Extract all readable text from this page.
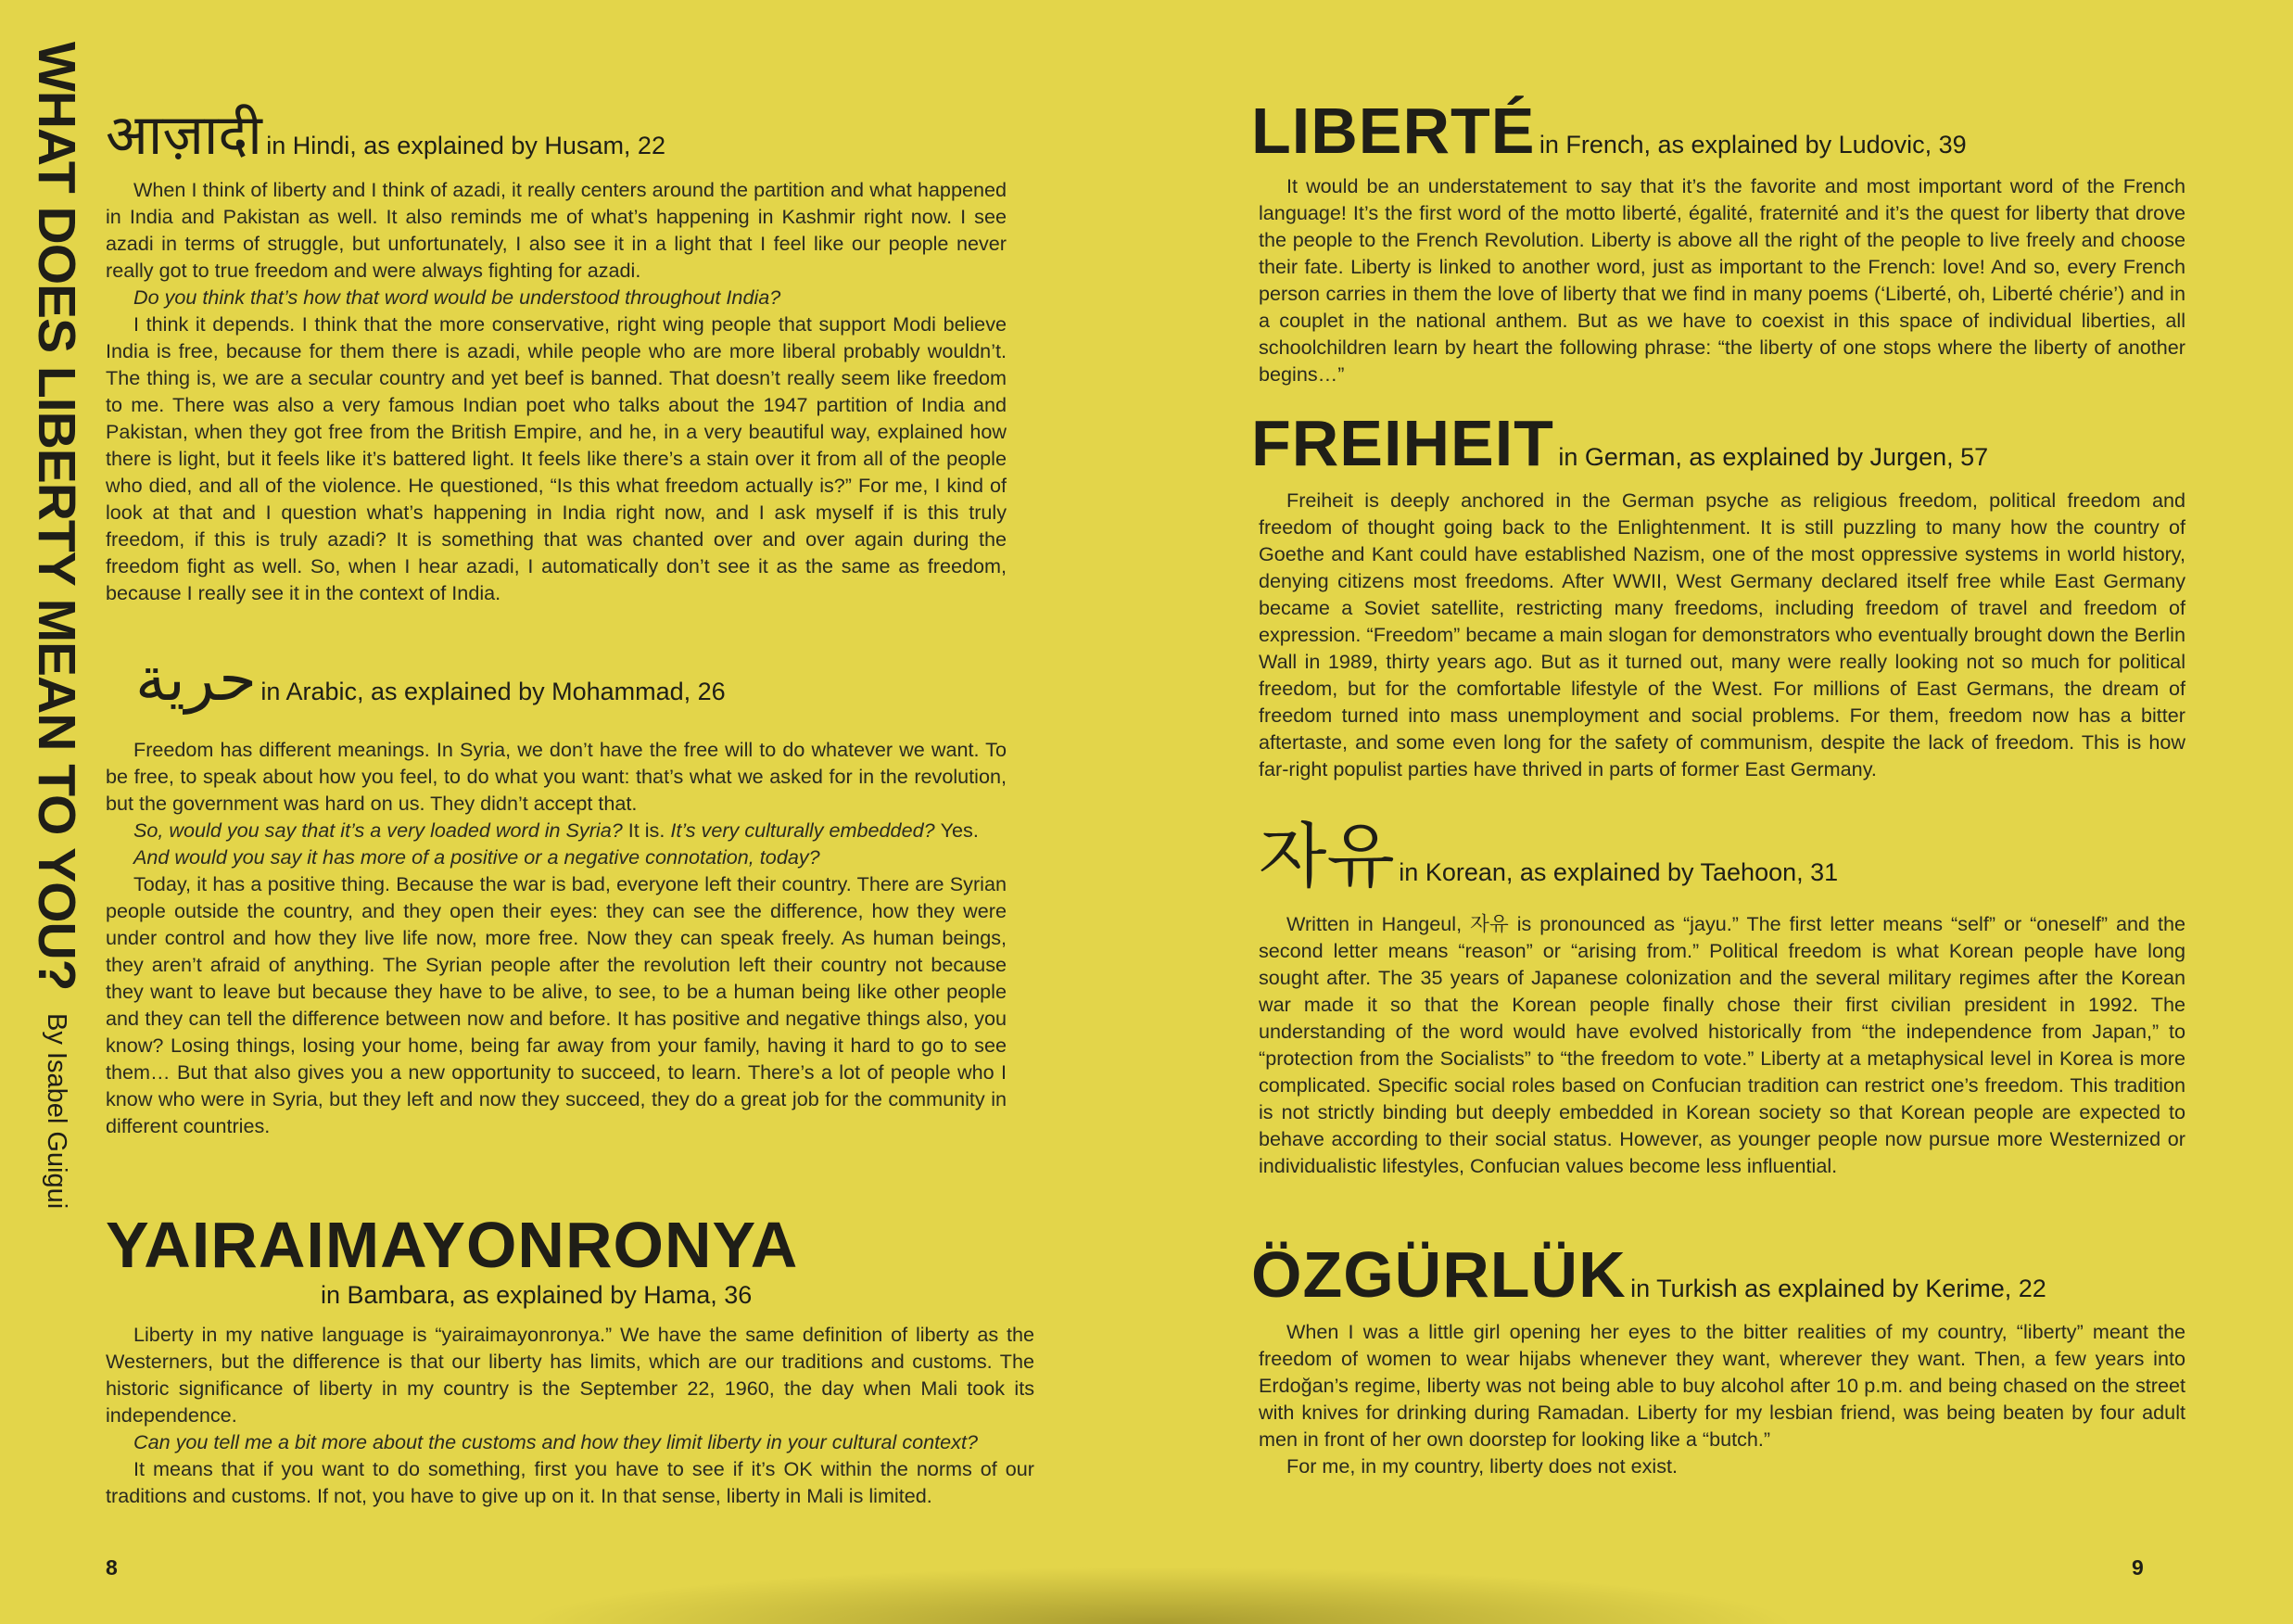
WHAT DOES LIBERTY MEAN TO YOU? By Isabel Guigui
आज़ादी in Hindi, as explained by Husam, 22

When I think of liberty and I think of azadi, it really centers around the partition and what happened in India and Pakistan as well. It also reminds me of what’s happening in Kashmir right now. I see azadi in terms of struggle, but unfortunately, I also see it in a light that I feel like our people never really got to true freedom and were always fighting for azadi.

Do you think that’s how that word would be understood throughout India?

I think it depends. I think that the more conservative, right wing people that support Modi believe India is free, because for them there is azadi, while people who are more liberal probably wouldn’t. The thing is, we are a secular country and yet beef is banned. That doesn’t really seem like freedom to me. There was also a very famous Indian poet who talks about the 1947 partition of India and Pakistan, when they got free from the British Empire, and he, in a very beautiful way, explained how there is light, but it feels like it’s battered light. It feels like there’s a stain over it from all of the people who died, and all of the violence. He questioned, “Is this what freedom actually is?” For me, I kind of look at that and I question what’s happening in India right now, and I ask myself if is this truly freedom, if this is truly azadi? It is something that was chanted over and over again during the freedom fight as well. So, when I hear azadi, I automatically don’t see it as the same as freedom, because I really see it in the context of India.

حرية in Arabic, as explained by Mohammad, 26

Freedom has different meanings. In Syria, we don’t have the free will to do whatever we want. To be free, to speak about how you feel, to do what you want: that’s what we asked for in the revolution, but the government was hard on us. They didn’t accept that.

So, would you say that it’s a very loaded word in Syria? It is. It’s very culturally embedded? Yes.

And would you say it has more of a positive or a negative connotation, today?

Today, it has a positive thing. Because the war is bad, everyone left their country. There are Syrian people outside the country, and they open their eyes: they can see the difference, how they were under control and how they live life now, more free. Now they can speak freely. As human beings, they aren’t afraid of anything. The Syrian people after the revolution left their country not because they want to leave but because they have to be alive, to see, to be a human being like other people and they can tell the difference between now and before. It has positive and negative things also, you know? Losing things, losing your home, being far away from your family, having it hard to go to see them… But that also gives you a new opportunity to succeed, to learn. There’s a lot of people who I know who were in Syria, but they left and now they succeed, they do a great job for the community in different countries.

YAIRAIMAYONRONYA
in Bambara, as explained by Hama, 36

Liberty in my native language is “yairaimayonronya.” We have the same definition of liberty as the Westerners, but the difference is that our liberty has limits, which are our traditions and customs. The historic significance of liberty in my country is the September 22, 1960, the day when Mali took its independence.

Can you tell me a bit more about the customs and how they limit liberty in your cultural context?

It means that if you want to do something, first you have to see if it’s OK within the norms of our traditions and customs. If not, you have to give up on it. In that sense, liberty in Mali is limited.

8
LIBERTÉ in French, as explained by Ludovic, 39

It would be an understatement to say that it’s the favorite and most important word of the French language! It’s the first word of the motto liberté, égalité, fraternité and it’s the quest for liberty that drove the people to the French Revolution. Liberty is above all the right of the people to live freely and choose their fate. Liberty is linked to another word, just as important to the French: love! And so, every French person carries in them the love of liberty that we find in many poems (‘Liberté, oh, Liberté chérie’) and in a couplet in the national anthem. But as we have to coexist in this space of individual liberties, all schoolchildren learn by heart the following phrase: “the liberty of one stops where the liberty of another begins…”

FREIHEIT in German, as explained by Jurgen, 57

Freiheit is deeply anchored in the German psyche as religious freedom, political freedom and freedom of thought going back to the Enlightenment. It is still puzzling to many how the country of Goethe and Kant could have established Nazism, one of the most oppressive systems in world history, denying citizens most freedoms. After WWII, West Germany declared itself free while East Germany became a Soviet satellite, restricting many freedoms, including freedom of travel and freedom of expression. “Freedom” became a main slogan for demonstrators who eventually brought down the Berlin Wall in 1989, thirty years ago. But as it turned out, many were really looking not so much for political freedom, but for the comfortable lifestyle of the West. For millions of East Germans, the dream of freedom turned into mass unemployment and social problems. For them, freedom now has a bitter aftertaste, and some even long for the safety of communism, despite the lack of freedom. This is how far-right populist parties have thrived in parts of former East Germany.

자유 in Korean, as explained by Taehoon, 31

Written in Hangeul, 자유 is pronounced as “jayu.” The first letter means “self” or “oneself” and the second letter means “reason” or “arising from.” Political freedom is what Korean people have long sought after. The 35 years of Japanese colonization and the several military regimes after the Korean war made it so that the Korean people finally chose their first civilian president in 1992. The understanding of the word would have evolved historically from “the independence from Japan,” to “protection from the Socialists” to “the freedom to vote.” Liberty at a metaphysical level in Korea is more complicated. Specific social roles based on Confucian tradition can restrict one’s freedom. This tradition is not strictly binding but deeply embedded in Korean society so that Korean people are expected to behave according to their social status. However, as younger people now pursue more Westernized or individualistic lifestyles, Confucian values become less influential.

ÖZGÜRLÜK in Turkish as explained by Kerime, 22

When I was a little girl opening her eyes to the bitter realities of my country, “liberty” meant the freedom of women to wear hijabs whenever they want, wherever they want. Then, a few years into Erdoğan’s regime, liberty was not being able to buy alcohol after 10 p.m. and being chased on the street with knives for drinking during Ramadan. Liberty for my lesbian friend, was being beaten by four adult men in front of her own doorstep for looking like a “butch.”

For me, in my country, liberty does not exist.

9
